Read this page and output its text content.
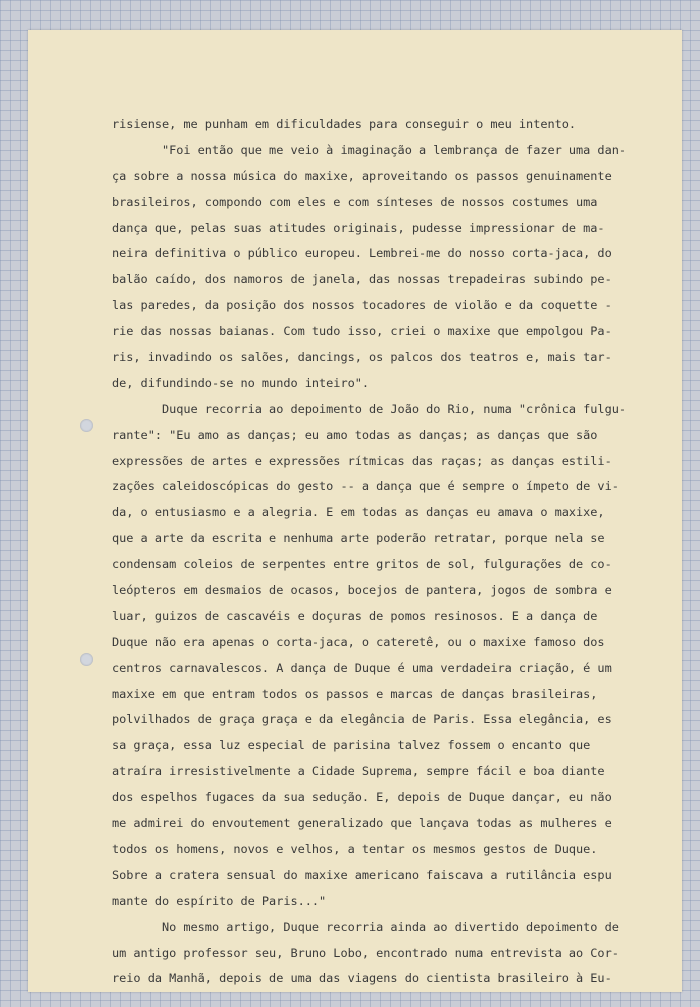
risiense, me punham em dificuldades para conseguir o meu intento.
"Foi então que me veio à imaginação a lembrança de fazer uma dan-
ça sobre a nossa música do maxixe, aproveitando os passos genuinamente
brasileiros, compondo com eles e com sínteses de nossos costumes uma
dança que, pelas suas atitudes originais, pudesse impressionar de ma-
neira definitiva o público europeu. Lembrei-me do nosso corta-jaca, do
balão caído, dos namoros de janela, das nossas trepadeiras subindo pe-
las paredes, da posição dos nossos tocadores de violão e da coquette -
rie das nossas baianas. Com tudo isso, criei o maxixe que empolgou Pa-
ris, invadindo os salões, dancings, os palcos dos teatros e, mais tar-
de, difundindo-se no mundo inteiro".
Duque recorria ao depoimento de João do Rio, numa "crônica fulgu-
rante": "Eu amo as danças; eu amo todas as danças; as danças que são
expressões de artes e expressões rítmicas das raças; as danças estili-
zações caleidoscópicas do gesto -- a dança que é sempre o ímpeto de vi-
da, o entusiasmo e a alegria. E em todas as danças eu amava o maxixe,
que a arte da escrita e nenhuma arte poderão retratar, porque nela se
condensam coleios de serpentes entre gritos de sol, fulgurações de co-
leópteros em desmaios de ocasos, bocejos de pantera, jogos de sombra e
luar, guizos de cascavéis e doçuras de pomos resinosos. E a dança de
Duque não era apenas o corta-jaca, o cateretê, ou o maxixe famoso dos
centros carnavalescos. A dança de Duque é uma verdadeira criação, é um
maxixe em que entram todos os passos e marcas de danças brasileiras,
polvilhados de graça graça e da elegância de Paris. Essa elegância, es
sa graça, essa luz especial de parisina talvez fossem o encanto que
atraíra irresistivelmente a Cidade Suprema, sempre fácil e boa diante
dos espelhos fugaces da sua sedução. E, depois de Duque dançar, eu não
me admirei do envoutement generalizado que lançava todas as mulheres e
todos os homens, novos e velhos, a tentar os mesmos gestos de Duque.
Sobre a cratera sensual do maxixe americano faiscava a rutilância espu
mante do espírito de Paris..."
No mesmo artigo, Duque recorria ainda ao divertido depoimento de
um antigo professor seu, Bruno Lobo, encontrado numa entrevista ao Cor-
reio da Manhã, depois de uma das viagens do cientista brasileiro à Eu-
